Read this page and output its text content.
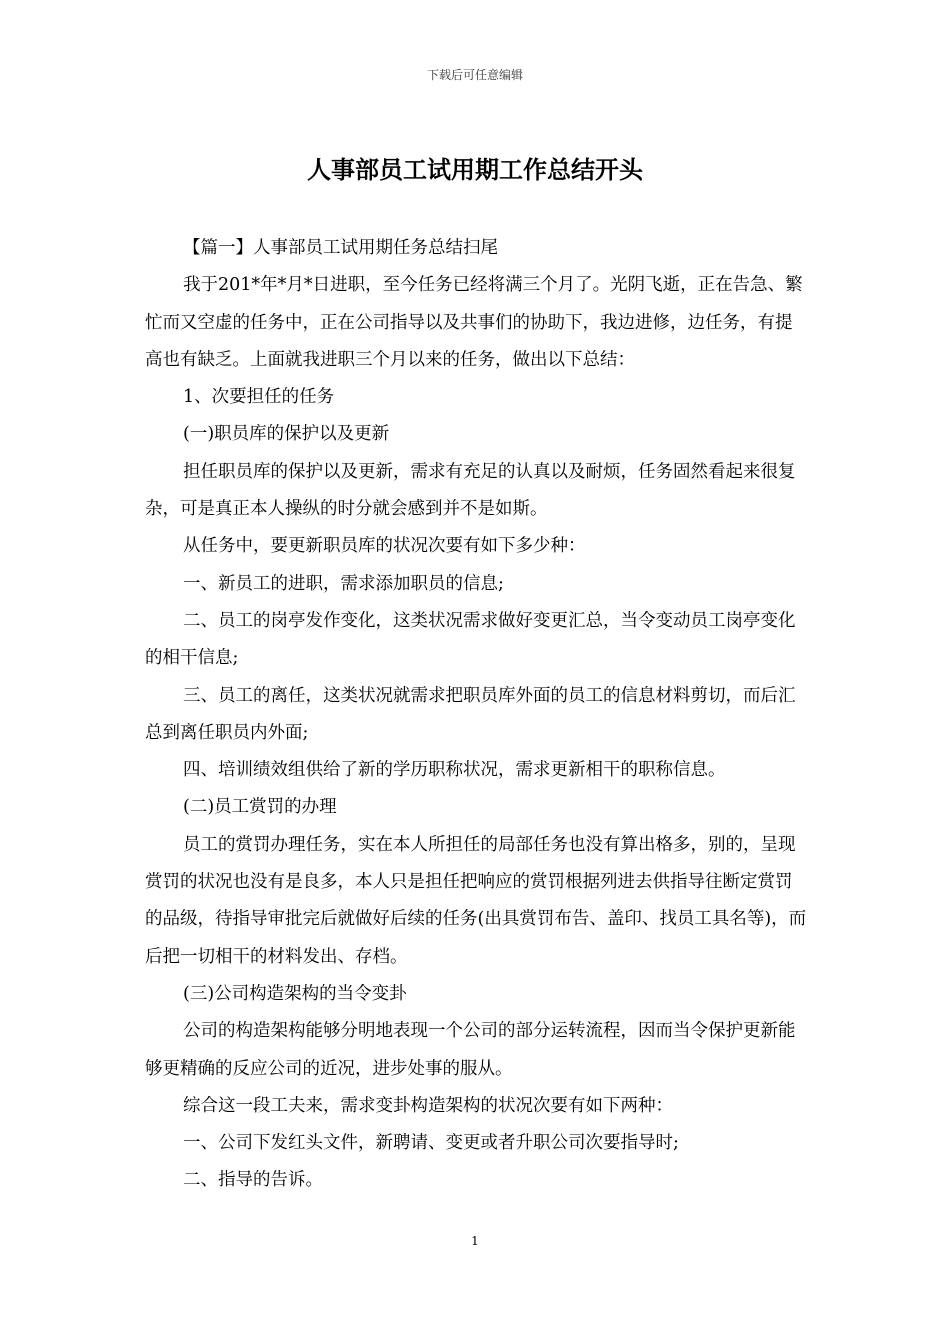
下载后可任意编辑
人事部员工试用期工作总结开头

【篇一】人事部员工试用期任务总结扫尾

我于201*年*月*日进职，至今任务已经将满三个月了。光阴飞逝，正在告急、繁忙而又空虚的任务中，正在公司指导以及共事们的协助下，我边进修，边任务，有提高也有缺乏。上面就我进职三个月以来的任务，做出以下总结：

1、次要担任的任务

(一)职员库的保护以及更新

担任职员库的保护以及更新，需求有充足的认真以及耐烦，任务固然看起来很复杂，可是真正本人操纵的时分就会感到并不是如斯。

从任务中，要更新职员库的状况次要有如下多少种：

一、新员工的进职，需求添加职员的信息;

二、员工的岗亭发作变化，这类状况需求做好变更汇总，当令变动员工岗亭变化的相干信息;

三、员工的离任，这类状况就需求把职员库外面的员工的信息材料剪切，而后汇总到离任职员内外面;

四、培训绩效组供给了新的学历职称状况，需求更新相干的职称信息。

(二)员工赏罚的办理

员工的赏罚办理任务，实在本人所担任的局部任务也没有算出格多，别的，呈现赏罚的状况也没有是良多，本人只是担任把响应的赏罚根据列进去供指导往断定赏罚的品级，待指导审批完后就做好后续的任务(出具赏罚布告、盖印、找员工具名等)，而后把一切相干的材料发出、存档。

(三)公司构造架构的当令变卦

公司的构造架构能够分明地表现一个公司的部分运转流程，因而当令保护更新能够更精确的反应公司的近况，进步处事的服从。

综合这一段工夫来，需求变卦构造架构的状况次要有如下两种：

一、公司下发红头文件，新聘请、变更或者升职公司次要指导时;

二、指导的告诉。

1
